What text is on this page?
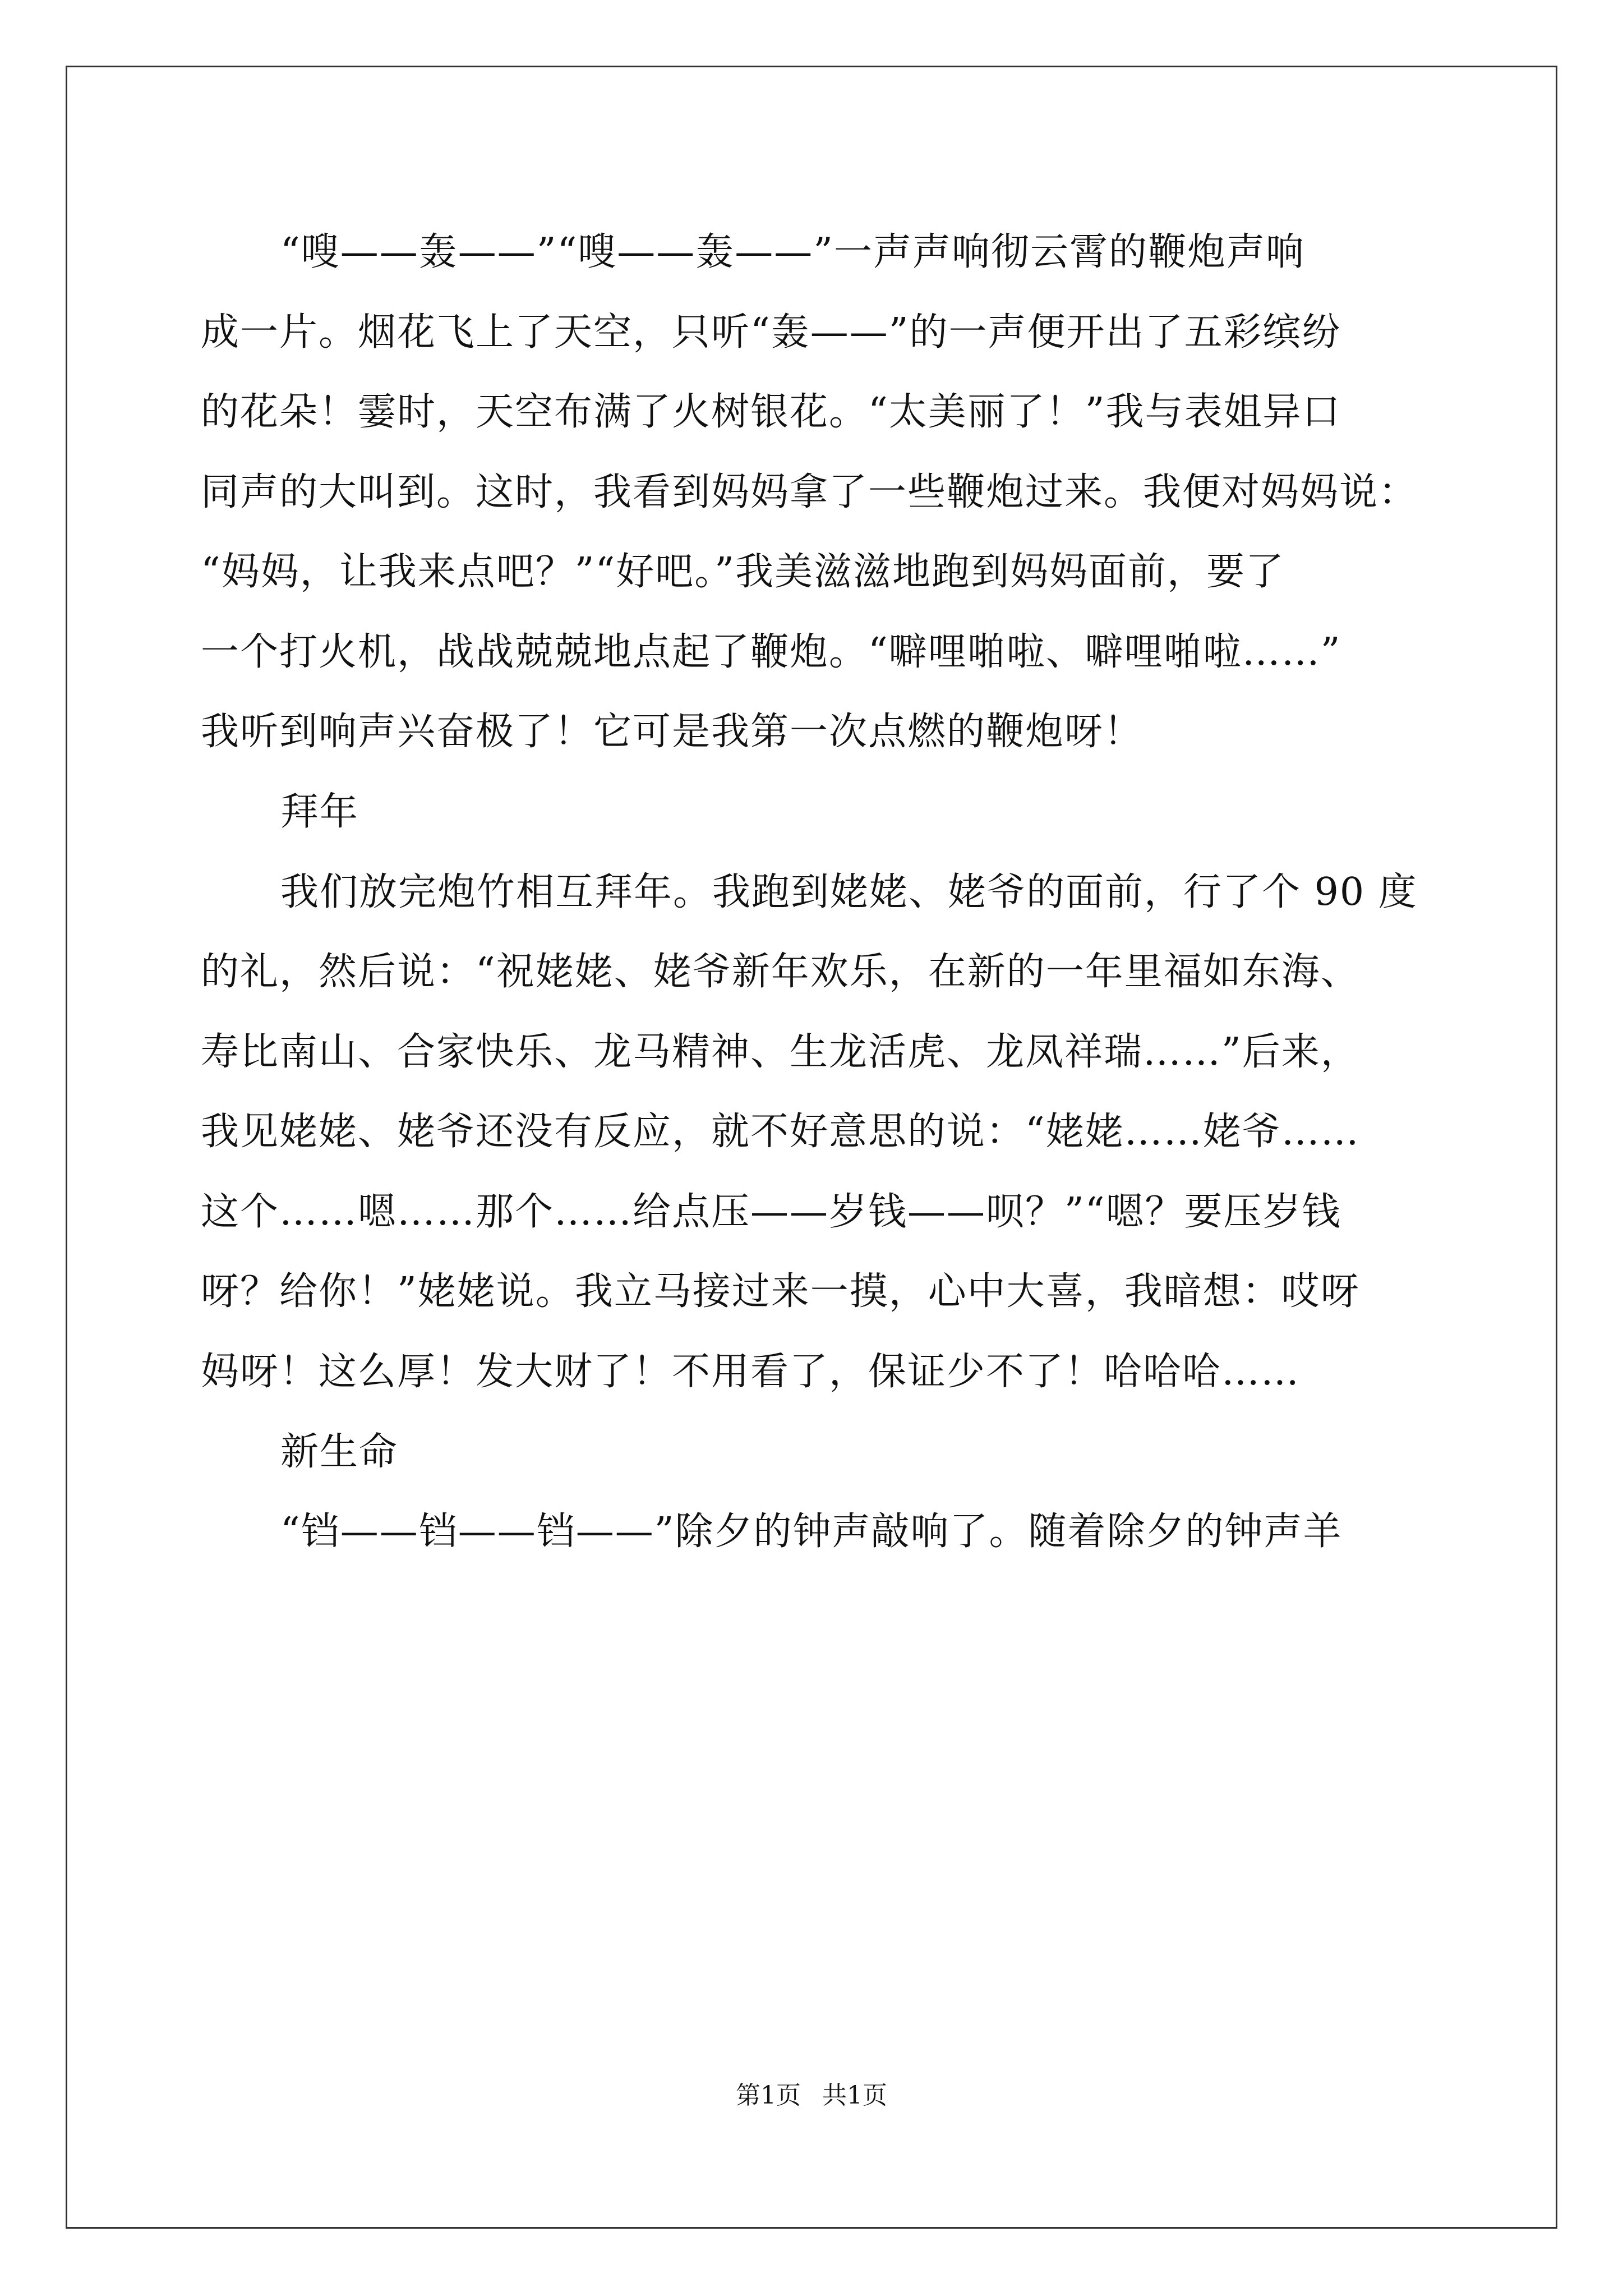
“嗖——轰——”“嗖——轰——”一声声响彻云霄的鞭炮声响
成一片。烟花飞上了天空，只听“轰——”的一声便开出了五彩缤纷
的花朵！霎时，天空布满了火树银花。“太美丽了！”我与表姐异口
同声的大叫到。这时，我看到妈妈拿了一些鞭炮过来。我便对妈妈说：
“妈妈，让我来点吧？”“好吧。”我美滋滋地跑到妈妈面前，要了
一个打火机，战战兢兢地点起了鞭炮。“噼哩啪啦、噼哩啪啦……”
我听到响声兴奋极了！它可是我第一次点燃的鞭炮呀！
拜年
我们放完炮竹相互拜年。我跑到姥姥、姥爷的面前，行了个 90 度
的礼，然后说：“祝姥姥、姥爷新年欢乐，在新的一年里福如东海、
寿比南山、合家快乐、龙马精神、生龙活虎、龙凤祥瑞……”后来，
我见姥姥、姥爷还没有反应，就不好意思的说：“姥姥……姥爷……
这个……嗯……那个……给点压——岁钱——呗？”“嗯？要压岁钱
呀？给你！”姥姥说。我立马接过来一摸，心中大喜，我暗想：哎呀
妈呀！这么厚！发大财了！不用看了，保证少不了！哈哈哈……
新生命
“铛——铛——铛——”除夕的钟声敲响了。随着除夕的钟声羊
第1页 共1页
